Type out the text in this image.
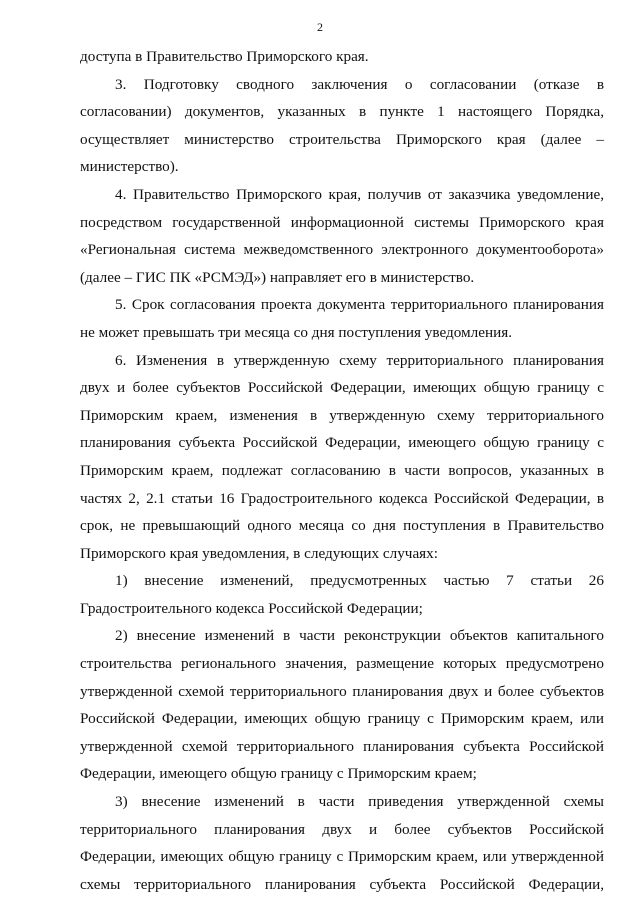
2

доступа в Правительство Приморского края.

3. Подготовку сводного заключения о согласовании (отказе в
согласовании) документов, указанных в пункте 1 настоящего Порядка,
осуществляет министерство строительства Приморского края (далее –
министерство).

4. Правительство Приморского края, получив от заказчика уведомление,
посредством государственной информационной системы Приморского края
«Региональная система межведомственного электронного документооборота»
(далее – ГИС ПК «РСМЭД») направляет его в министерство.

5. Срок согласования проекта документа территориального планирования
не может превышать три месяца со дня поступления уведомления.

6. Изменения в утвержденную схему территориального планирования
двух и более субъектов Российской Федерации, имеющих общую границу с
Приморским краем, изменения в утвержденную схему территориального
планирования субъекта Российской Федерации, имеющего общую границу с
Приморским краем, подлежат согласованию в части вопросов, указанных в
частях 2, 2.1 статьи 16 Градостроительного кодекса Российской Федерации, в
срок, не превышающий одного месяца со дня поступления в Правительство
Приморского края уведомления, в следующих случаях:

1) внесение изменений, предусмотренных частью 7 статьи 26
Градостроительного кодекса Российской Федерации;

2) внесение изменений в части реконструкции объектов капитального
строительства регионального значения, размещение которых предусмотрено
утвержденной схемой территориального планирования двух и более субъектов
Российской Федерации, имеющих общую границу с Приморским краем, или
утвержденной схемой территориального планирования субъекта Российской
Федерации, имеющего общую границу с Приморским краем;

3) внесение изменений в части приведения утвержденной схемы
территориального планирования двух и более субъектов Российской
Федерации, имеющих общую границу с Приморским краем, или утвержденной
схемы территориального планирования субъекта Российской Федерации,
